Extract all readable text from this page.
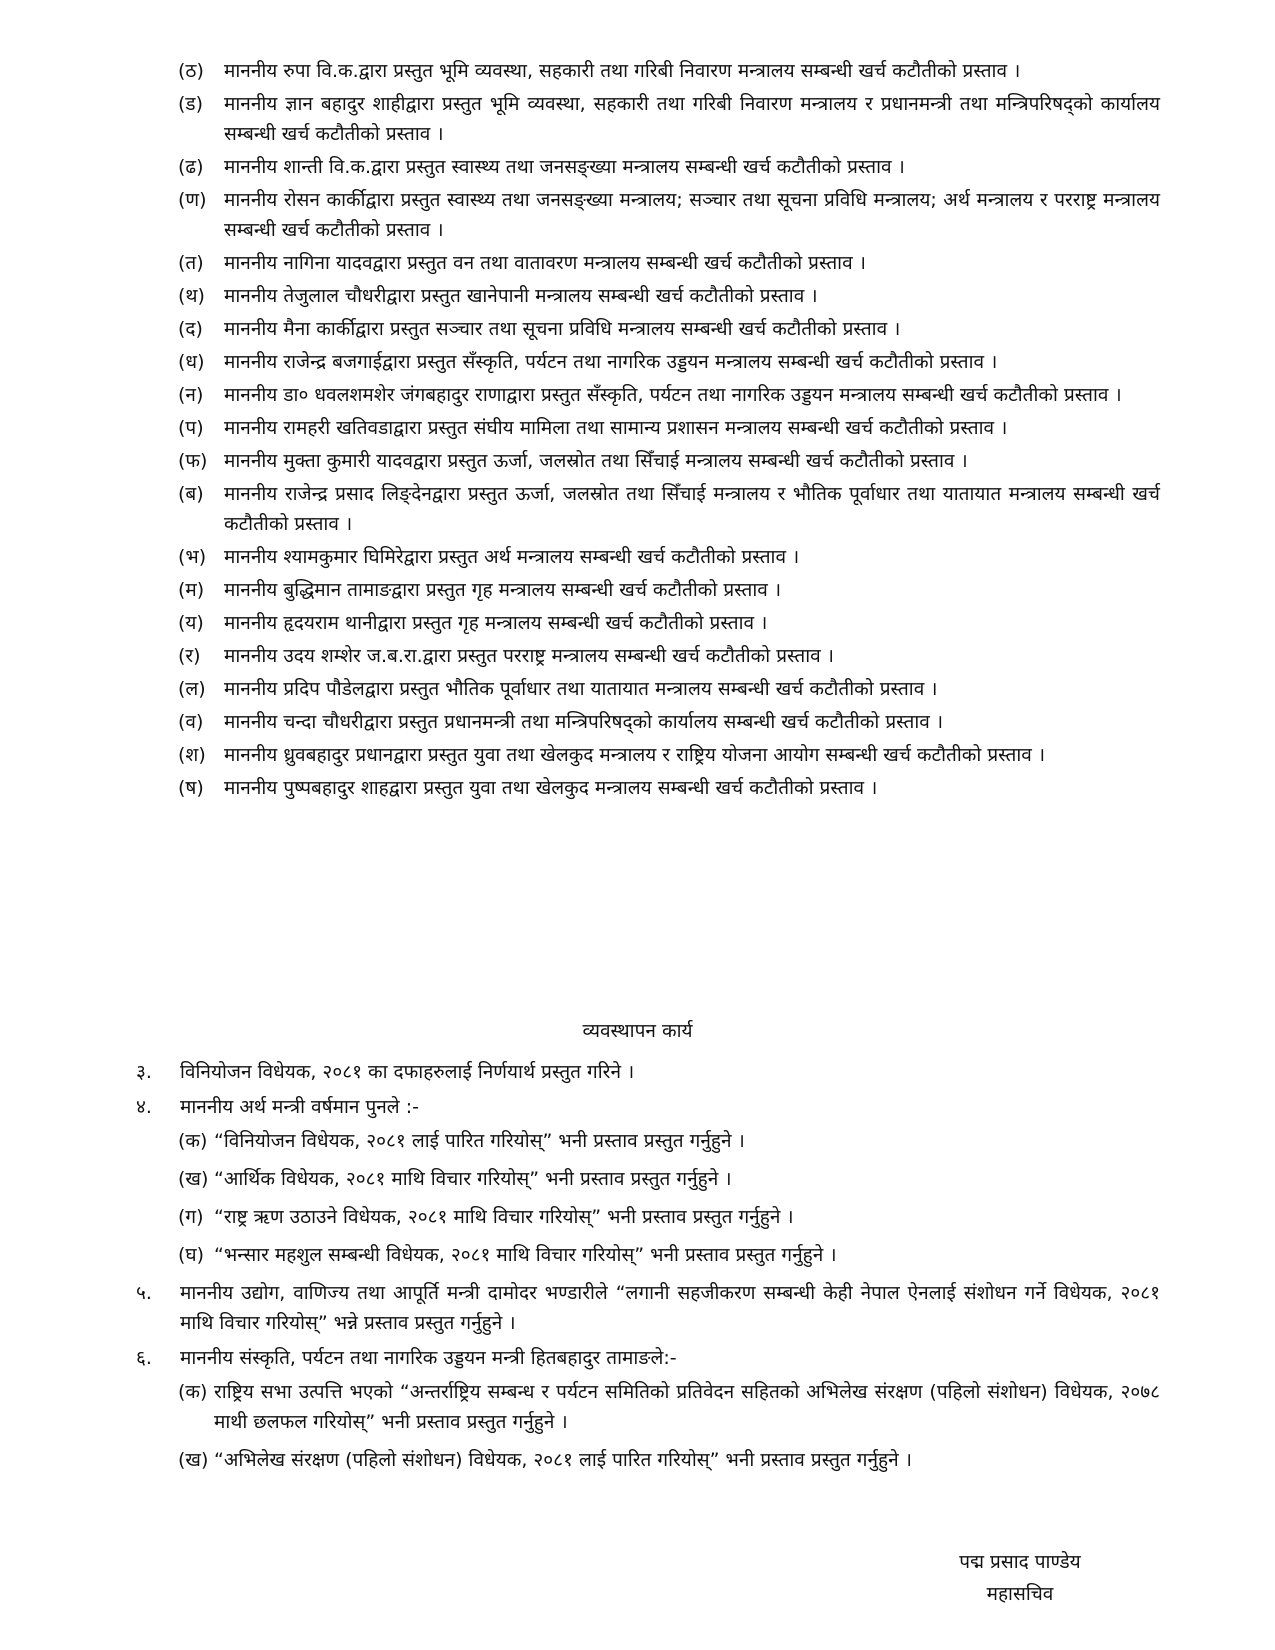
(ठ)	माननीय रुपा वि.क.द्वारा प्रस्तुत भूमि व्यवस्था, सहकारी तथा गरिबी निवारण मन्त्रालय सम्बन्धी खर्च कटौतीको प्रस्ताव ।
(ड)	माननीय ज्ञान बहादुर शाहीद्वारा प्रस्तुत भूमि व्यवस्था, सहकारी तथा गरिबी निवारण मन्त्रालय र प्रधानमन्त्री तथा मन्त्रिपरिषद्को कार्यालय सम्बन्धी खर्च कटौतीको प्रस्ताव ।
(ढ)	माननीय शान्ती वि.क.द्वारा प्रस्तुत स्वास्थ्य तथा जनसङ्ख्या मन्त्रालय सम्बन्धी खर्च कटौतीको प्रस्ताव ।
(ण) माननीय रोसन कार्कीद्वारा प्रस्तुत स्वास्थ्य तथा जनसङ्ख्या मन्त्रालय; सञ्चार तथा सूचना प्रविधि मन्त्रालय; अर्थ मन्त्रालय र परराष्ट्र मन्त्रालय सम्बन्धी खर्च कटौतीको प्रस्ताव ।
(त)	माननीय नागिना यादवद्वारा प्रस्तुत वन तथा वातावरण मन्त्रालय सम्बन्धी खर्च कटौतीको प्रस्ताव ।
(थ)	माननीय तेजुलाल चौधरीद्वारा प्रस्तुत खानेपानी मन्त्रालय सम्बन्धी खर्च कटौतीको प्रस्ताव ।
(द)	माननीय मैना कार्कीद्वारा प्रस्तुत सञ्चार तथा सूचना प्रविधि मन्त्रालय सम्बन्धी खर्च कटौतीको प्रस्ताव ।
(ध)	माननीय राजेन्द्र बजगाईद्वारा प्रस्तुत सँस्कृति, पर्यटन तथा नागरिक उड्डयन मन्त्रालय सम्बन्धी खर्च कटौतीको प्रस्ताव ।
(न)	माननीय डा० धवलशमशेर जंगबहादुर राणाद्वारा प्रस्तुत सँस्कृति, पर्यटन तथा नागरिक उड्डयन मन्त्रालय सम्बन्धी खर्च कटौतीको प्रस्ताव ।
(प)	माननीय रामहरी खतिवडाद्वारा प्रस्तुत संघीय मामिला तथा सामान्य प्रशासन मन्त्रालय सम्बन्धी खर्च कटौतीको प्रस्ताव ।
(फ) माननीय मुक्ता कुमारी यादवद्वारा प्रस्तुत ऊर्जा, जलस्रोत तथा सिँचाई मन्त्रालय सम्बन्धी खर्च कटौतीको प्रस्ताव ।
(ब)	माननीय राजेन्द्र प्रसाद लिङ्देनद्वारा प्रस्तुत ऊर्जा, जलस्रोत तथा सिँचाई मन्त्रालय र भौतिक पूर्वाधार तथा यातायात मन्त्रालय सम्बन्धी खर्च कटौतीको प्रस्ताव ।
(भ) माननीय श्यामकुमार घिमिरेद्वारा प्रस्तुत अर्थ मन्त्रालय सम्बन्धी खर्च कटौतीको प्रस्ताव ।
(म)	माननीय बुद्धिमान तामाङद्वारा प्रस्तुत गृह मन्त्रालय सम्बन्धी खर्च कटौतीको प्रस्ताव ।
(य)	माननीय हृदयराम थानीद्वारा प्रस्तुत गृह मन्त्रालय सम्बन्धी खर्च कटौतीको प्रस्ताव ।
(र)	माननीय उदय शम्शेर ज.ब.रा.द्वारा प्रस्तुत परराष्ट्र मन्त्रालय सम्बन्धी खर्च कटौतीको प्रस्ताव ।
(ल) माननीय प्रदिप पौडेलद्वारा प्रस्तुत भौतिक पूर्वाधार तथा यातायात मन्त्रालय सम्बन्धी खर्च कटौतीको प्रस्ताव ।
(व)	माननीय चन्दा चौधरीद्वारा प्रस्तुत प्रधानमन्त्री तथा मन्त्रिपरिषद्को कार्यालय सम्बन्धी खर्च कटौतीको प्रस्ताव ।
(श) माननीय ध्रुवबहादुर प्रधानद्वारा प्रस्तुत युवा तथा खेलकुद मन्त्रालय र राष्ट्रिय योजना आयोग सम्बन्धी खर्च कटौतीको प्रस्ताव ।
(ष)	माननीय पुष्पबहादुर शाहद्वारा प्रस्तुत युवा तथा खेलकुद मन्त्रालय सम्बन्धी खर्च कटौतीको प्रस्ताव ।
व्यवस्थापन कार्य
३.	विनियोजन विधेयक, २०८१ का दफाहरुलाई निर्णयार्थ प्रस्तुत गरिने ।
४.	माननीय अर्थ मन्त्री वर्षमान पुनले :-
(क) “विनियोजन विधेयक, २०८१ लाई पारित गरियोस्” भनी प्रस्ताव प्रस्तुत गर्नुहुने ।
(ख) “आर्थिक विधेयक, २०८१ माथि विचार गरियोस्” भनी प्रस्ताव प्रस्तुत गर्नुहुने ।
(ग) “राष्ट्र ऋण उठाउने विधेयक, २०८१ माथि विचार गरियोस्” भनी प्रस्ताव प्रस्तुत गर्नुहुने ।
(घ) “भन्सार महशुल सम्बन्धी विधेयक, २०८१ माथि विचार गरियोस्” भनी प्रस्ताव प्रस्तुत गर्नुहुने ।
५.	माननीय उद्योग, वाणिज्य तथा आपूर्ति मन्त्री दामोदर भण्डारीले “लगानी सहजीकरण सम्बन्धी केही नेपाल ऐनलाई संशोधन गर्ने विधेयक, २०८१ माथि विचार गरियोस्” भन्ने प्रस्ताव प्रस्तुत गर्नुहुने ।
६.	माननीय संस्कृति, पर्यटन तथा नागरिक उड्डयन मन्त्री हितबहादुर तामाङले:-
(क) राष्ट्रिय सभा उत्पत्ति भएको “अन्तर्राष्ट्रिय सम्बन्ध र पर्यटन समितिको प्रतिवेदन सहितको अभिलेख संरक्षण (पहिलो संशोधन) विधेयक, २०७८ माथी छलफल गरियोस्” भनी प्रस्ताव प्रस्तुत गर्नुहुने ।
(ख) “अभिलेख संरक्षण (पहिलो संशोधन) विधेयक, २०८१ लाई पारित गरियोस्” भनी प्रस्ताव प्रस्तुत गर्नुहुने ।
पद्म प्रसाद पाण्डेय
महासचिव
